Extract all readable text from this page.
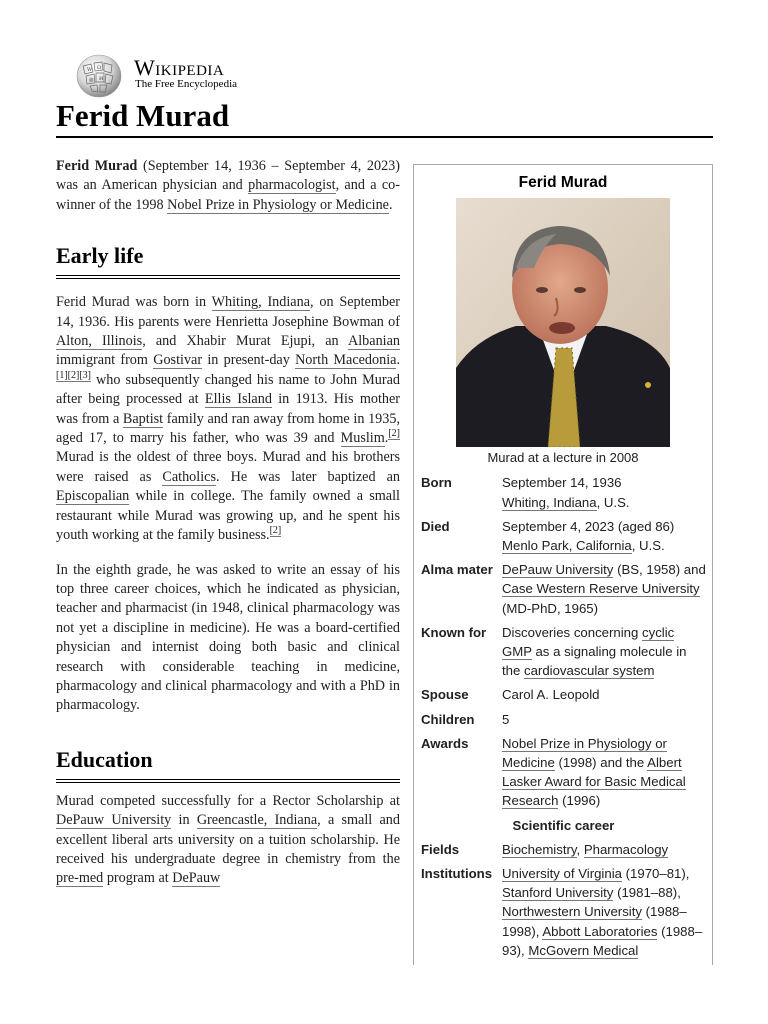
W Ω
И
維
Wikipedia
The Free Encyclopedia
Ferid Murad

Ferid Murad (September 14, 1936 – September 4, 2023) was an American physician and pharmacologist, and a co-winner of the 1998 Nobel Prize in Physiology or Medicine.

Early life

Ferid Murad was born in Whiting, Indiana, on September 14, 1936. His parents were Henrietta Josephine Bowman of Alton, Illinois, and Xhabir Murat Ejupi, an Albanian immigrant from Gostivar in present-day North Macedonia.[1][2][3] who subsequently changed his name to John Murad after being processed at Ellis Island in 1913. His mother was from a Baptist family and ran away from home in 1935, aged 17, to marry his father, who was 39 and Muslim.[2] Murad is the oldest of three boys. Murad and his brothers were raised as Catholics. He was later baptized an Episcopalian while in college. The family owned a small restaurant while Murad was growing up, and he spent his youth working at the family business.[2]

In the eighth grade, he was asked to write an essay of his top three career choices, which he indicated as physician, teacher and pharmacist (in 1948, clinical pharmacology was not yet a discipline in medicine). He was a board-certified physician and internist doing both basic and clinical research with considerable teaching in medicine, pharmacology and clinical pharmacology and with a PhD in pharmacology.

Education

Murad competed successfully for a Rector Scholarship at DePauw University in Greencastle, Indiana, a small and excellent liberal arts university on a tuition scholarship. He received his undergraduate degree in chemistry from the pre-med program at DePauw

Ferid Murad
Murad at a lecture in 2008
Born	September 14, 1936
Whiting, Indiana, U.S.
Died	September 4, 2023 (aged 86)
Menlo Park, California, U.S.
Alma mater	DePauw University (BS, 1958) and Case Western Reserve University (MD-PhD, 1965)
Known for	Discoveries concerning cyclic GMP as a signaling molecule in the cardiovascular system
Spouse	Carol A. Leopold
Children	5
Awards	Nobel Prize in Physiology or Medicine (1998) and the Albert Lasker Award for Basic Medical Research (1996)
Scientific career	
Fields	Biochemistry, Pharmacology
Institutions	University of Virginia (1970–81), Stanford University (1981–88), Northwestern University (1988–1998), Abbott Laboratories (1988–93), McGovern Medical
